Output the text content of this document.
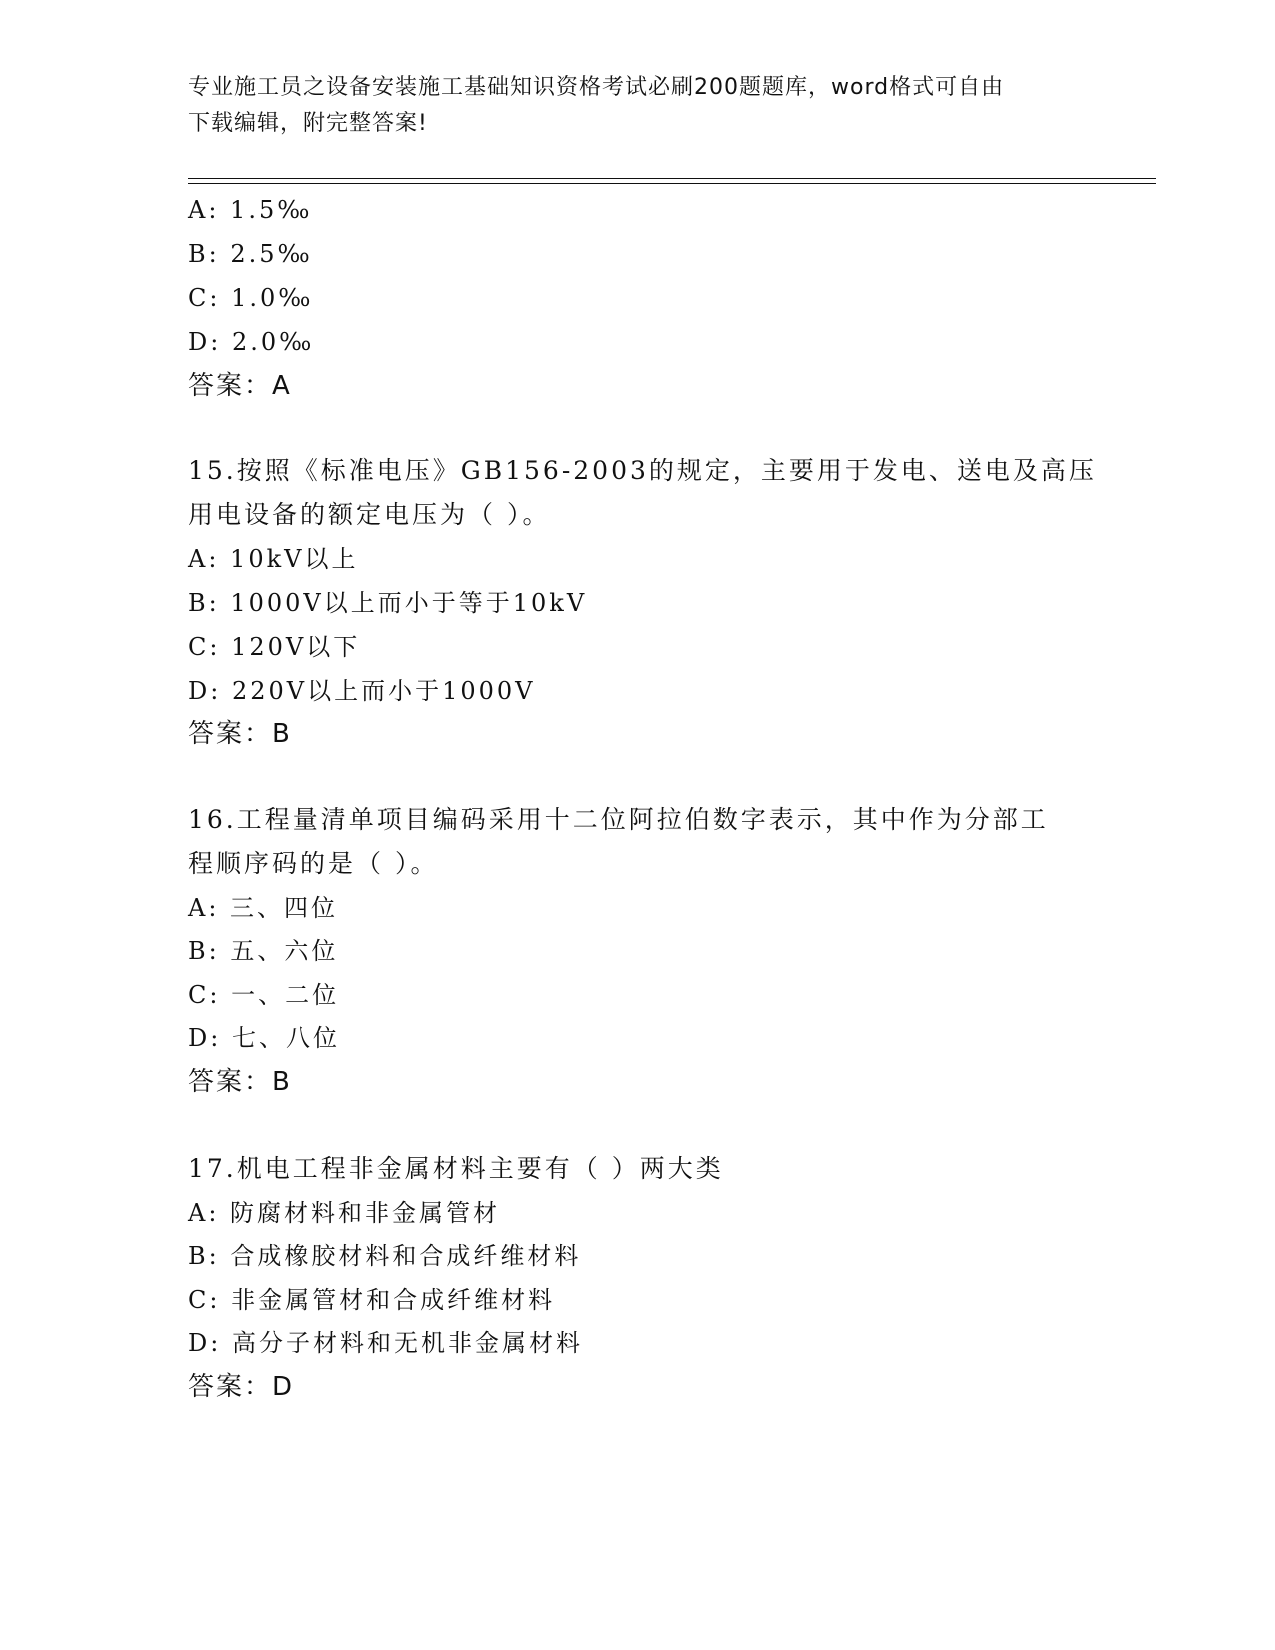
专业施工员之设备安装施工基础知识资格考试必刷200题题库，word格式可自由
下载编辑，附完整答案!
A: 1.5‰
B: 2.5‰
C: 1.0‰
D: 2.0‰
答案：A
15.按照《标准电压》GB156-2003的规定，主要用于发电、送电及高压
用电设备的额定电压为（ ）。
A: 10kV以上
B: 1000V以上而小于等于10kV
C: 120V以下
D: 220V以上而小于1000V
答案：B
16.工程量清单项目编码采用十二位阿拉伯数字表示，其中作为分部工
程顺序码的是（ ）。
A: 三、四位
B: 五、六位
C: 一、二位
D: 七、八位
答案：B
17.机电工程非金属材料主要有（ ）两大类
A: 防腐材料和非金属管材
B: 合成橡胶材料和合成纤维材料
C: 非金属管材和合成纤维材料
D: 高分子材料和无机非金属材料
答案：D
